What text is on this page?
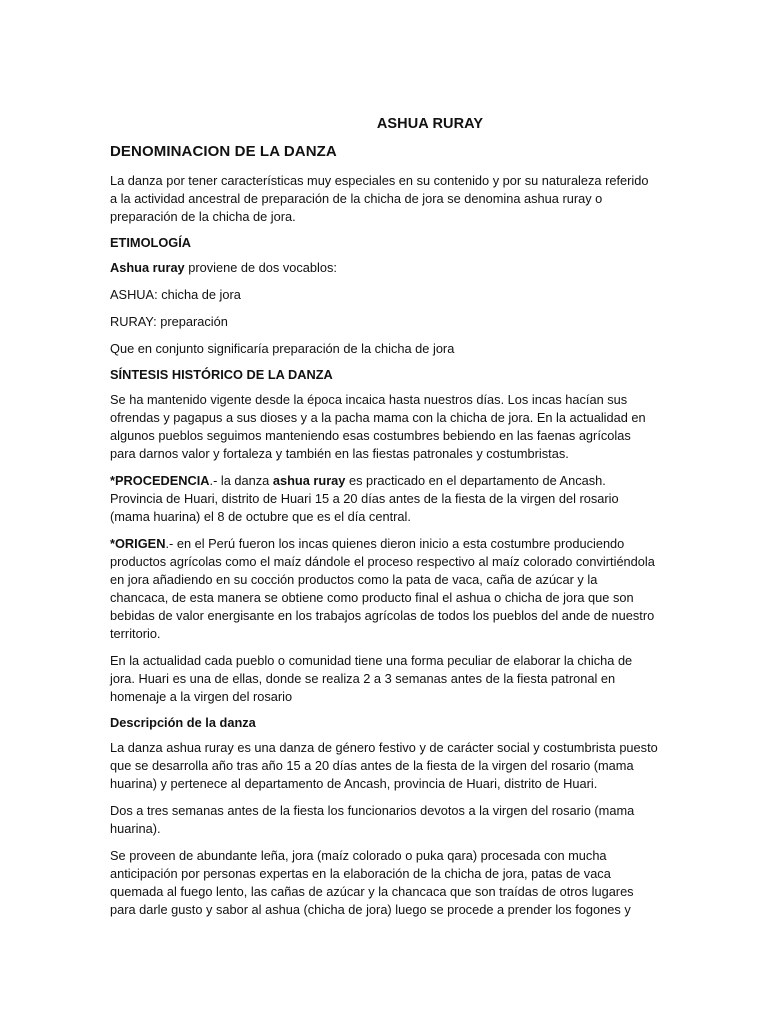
ASHUA RURAY
DENOMINACION DE LA DANZA
La danza por tener características muy especiales en su contenido y por su naturaleza referido a la actividad ancestral de preparación de la chicha de jora se denomina ashua ruray o preparación de la chicha de jora.
ETIMOLOGÍA
Ashua ruray proviene de dos vocablos:
ASHUA: chicha de jora
RURAY: preparación
Que en conjunto significaría preparación de la chicha de jora
SÍNTESIS HISTÓRICO DE LA DANZA
Se ha mantenido vigente desde la época incaica hasta nuestros días. Los incas hacían sus ofrendas y pagapus a sus dioses y a la pacha mama con la chicha de jora. En la actualidad en algunos pueblos seguimos manteniendo esas costumbres bebiendo en las faenas agrícolas para darnos valor y fortaleza y también en las fiestas patronales y costumbristas.
*PROCEDENCIA.- la danza ashua ruray es practicado en el departamento de Ancash. Provincia de Huari, distrito de Huari 15 a 20 días antes de la fiesta de la virgen del rosario (mama huarina) el 8 de octubre que es el día central.
*ORIGEN.- en el Perú fueron los incas quienes dieron inicio a esta costumbre produciendo productos agrícolas como el maíz dándole el proceso respectivo al maíz colorado convirtiéndola en jora añadiendo en su cocción productos como la pata de vaca, caña de azúcar y la chancaca, de esta manera se obtiene como producto final el ashua o chicha de jora que son bebidas de valor energisante en los trabajos agrícolas de todos los pueblos del ande de nuestro territorio.
En la actualidad cada pueblo o comunidad tiene una forma peculiar de elaborar la chicha de jora. Huari es una de ellas, donde se realiza 2 a 3 semanas antes de la fiesta patronal en homenaje a la virgen del rosario
Descripción de la danza
La danza ashua ruray es una danza de género festivo y de carácter social y costumbrista puesto que se desarrolla año tras año 15 a 20 días antes de la fiesta de la virgen del rosario (mama huarina) y pertenece al departamento de Ancash, provincia de Huari, distrito de Huari.
Dos a tres semanas antes de la fiesta los funcionarios devotos a la virgen del rosario (mama huarina).
Se proveen de abundante leña, jora (maíz colorado o puka qara) procesada con mucha anticipación por personas expertas en la elaboración de la chicha de jora, patas de vaca quemada al fuego lento, las cañas de azúcar y la chancaca que son traídas de otros lugares para darle gusto y sabor al ashua (chicha de jora) luego se procede a prender los fogones y
